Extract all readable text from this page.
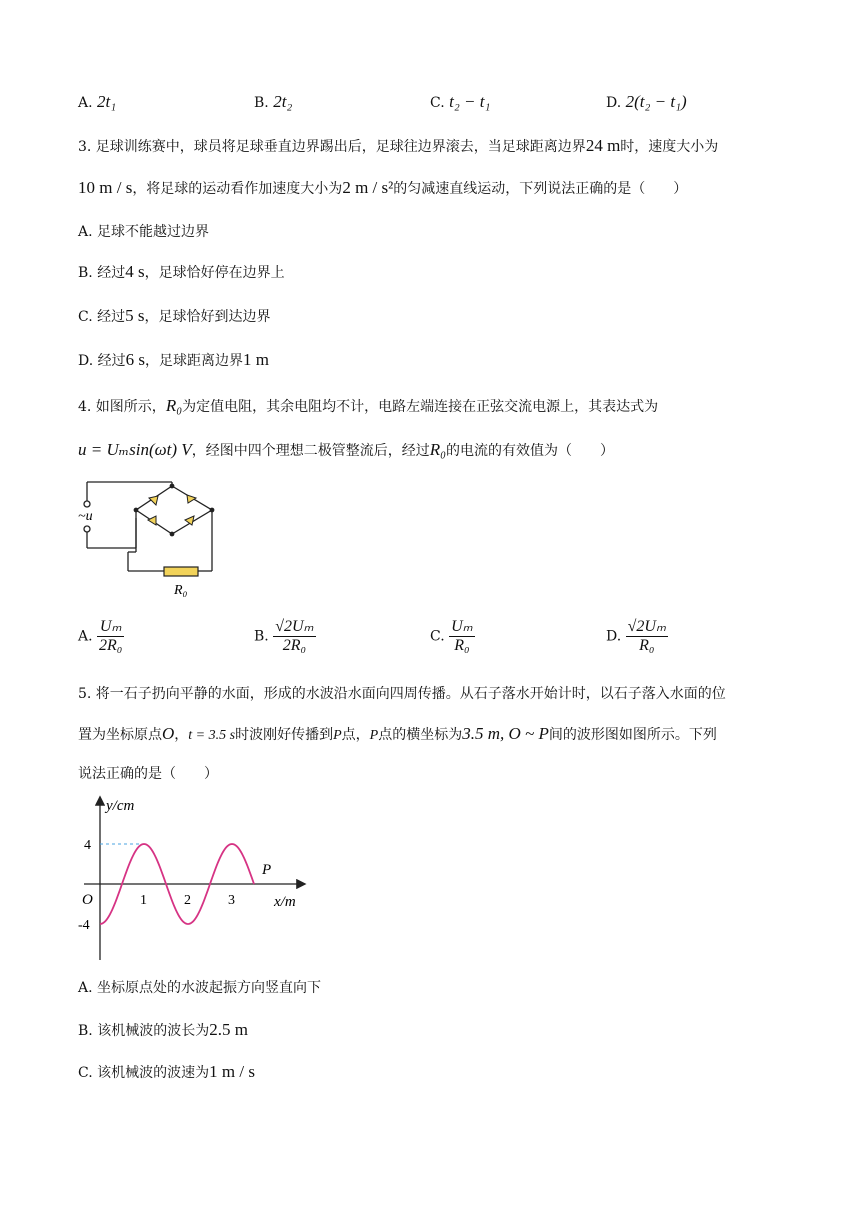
A. 2t₁	B. 2t₂	C. t₂ − t₁	D. 2(t₂ − t₁)
3. 足球训练赛中，球员将足球垂直边界踢出后，足球往边界滚去，当足球距离边界24 m时，速度大小为
10 m / s，将足球的运动看作加速度大小为2 m / s²的匀减速直线运动，下列说法正确的是（　　）
A. 足球不能越过边界
B. 经过4 s，足球恰好停在边界上
C. 经过5 s，足球恰好到达边界
D. 经过6 s，足球距离边界1 m
4. 如图所示，R₀为定值电阻，其余电阻均不计，电路左端连接在正弦交流电源上，其表达式为
u = Uₘsin(ωt) V，经图中四个理想二极管整流后，经过R₀的电流的有效值为（　　）
~u
R₀
A. $\frac{\text{Uₘ}}{\text{2R₀}}$	B. $\frac{\text{√2Uₘ}}{\text{2R₀}}$	C. $\frac{\text{Uₘ}}{\text{R₀}}$	D. $\frac{\text{√2Uₘ}}{\text{R₀}}$
5. 将一石子扔向平静的水面，形成的水波沿水面向四周传播。从石子落水开始计时，以石子落入水面的位
置为坐标原点O，t = 3.5 s时波刚好传播到P点，P点的横坐标为3.5 m, O ~ P间的波形图如图所示。下列
说法正确的是（　　）
y/cm
x/m
O	1	2	3
4
-4
P
A. 坐标原点处的水波起振方向竖直向下
B. 该机械波的波长为2.5 m
C. 该机械波的波速为1 m / s
